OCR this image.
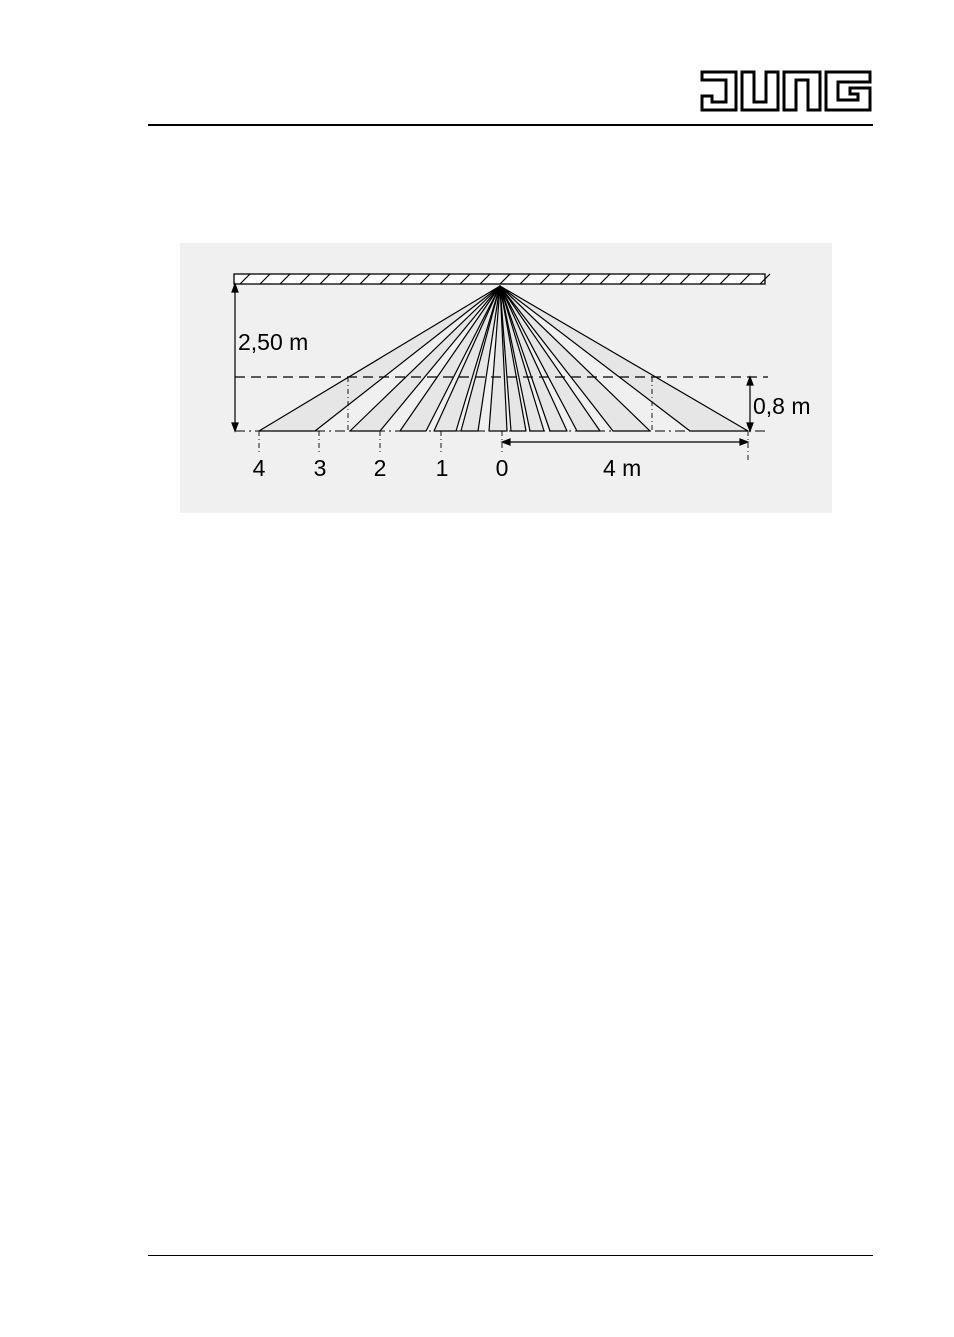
2,50 m
0,8 m
4 m
4 3 2 1 0
